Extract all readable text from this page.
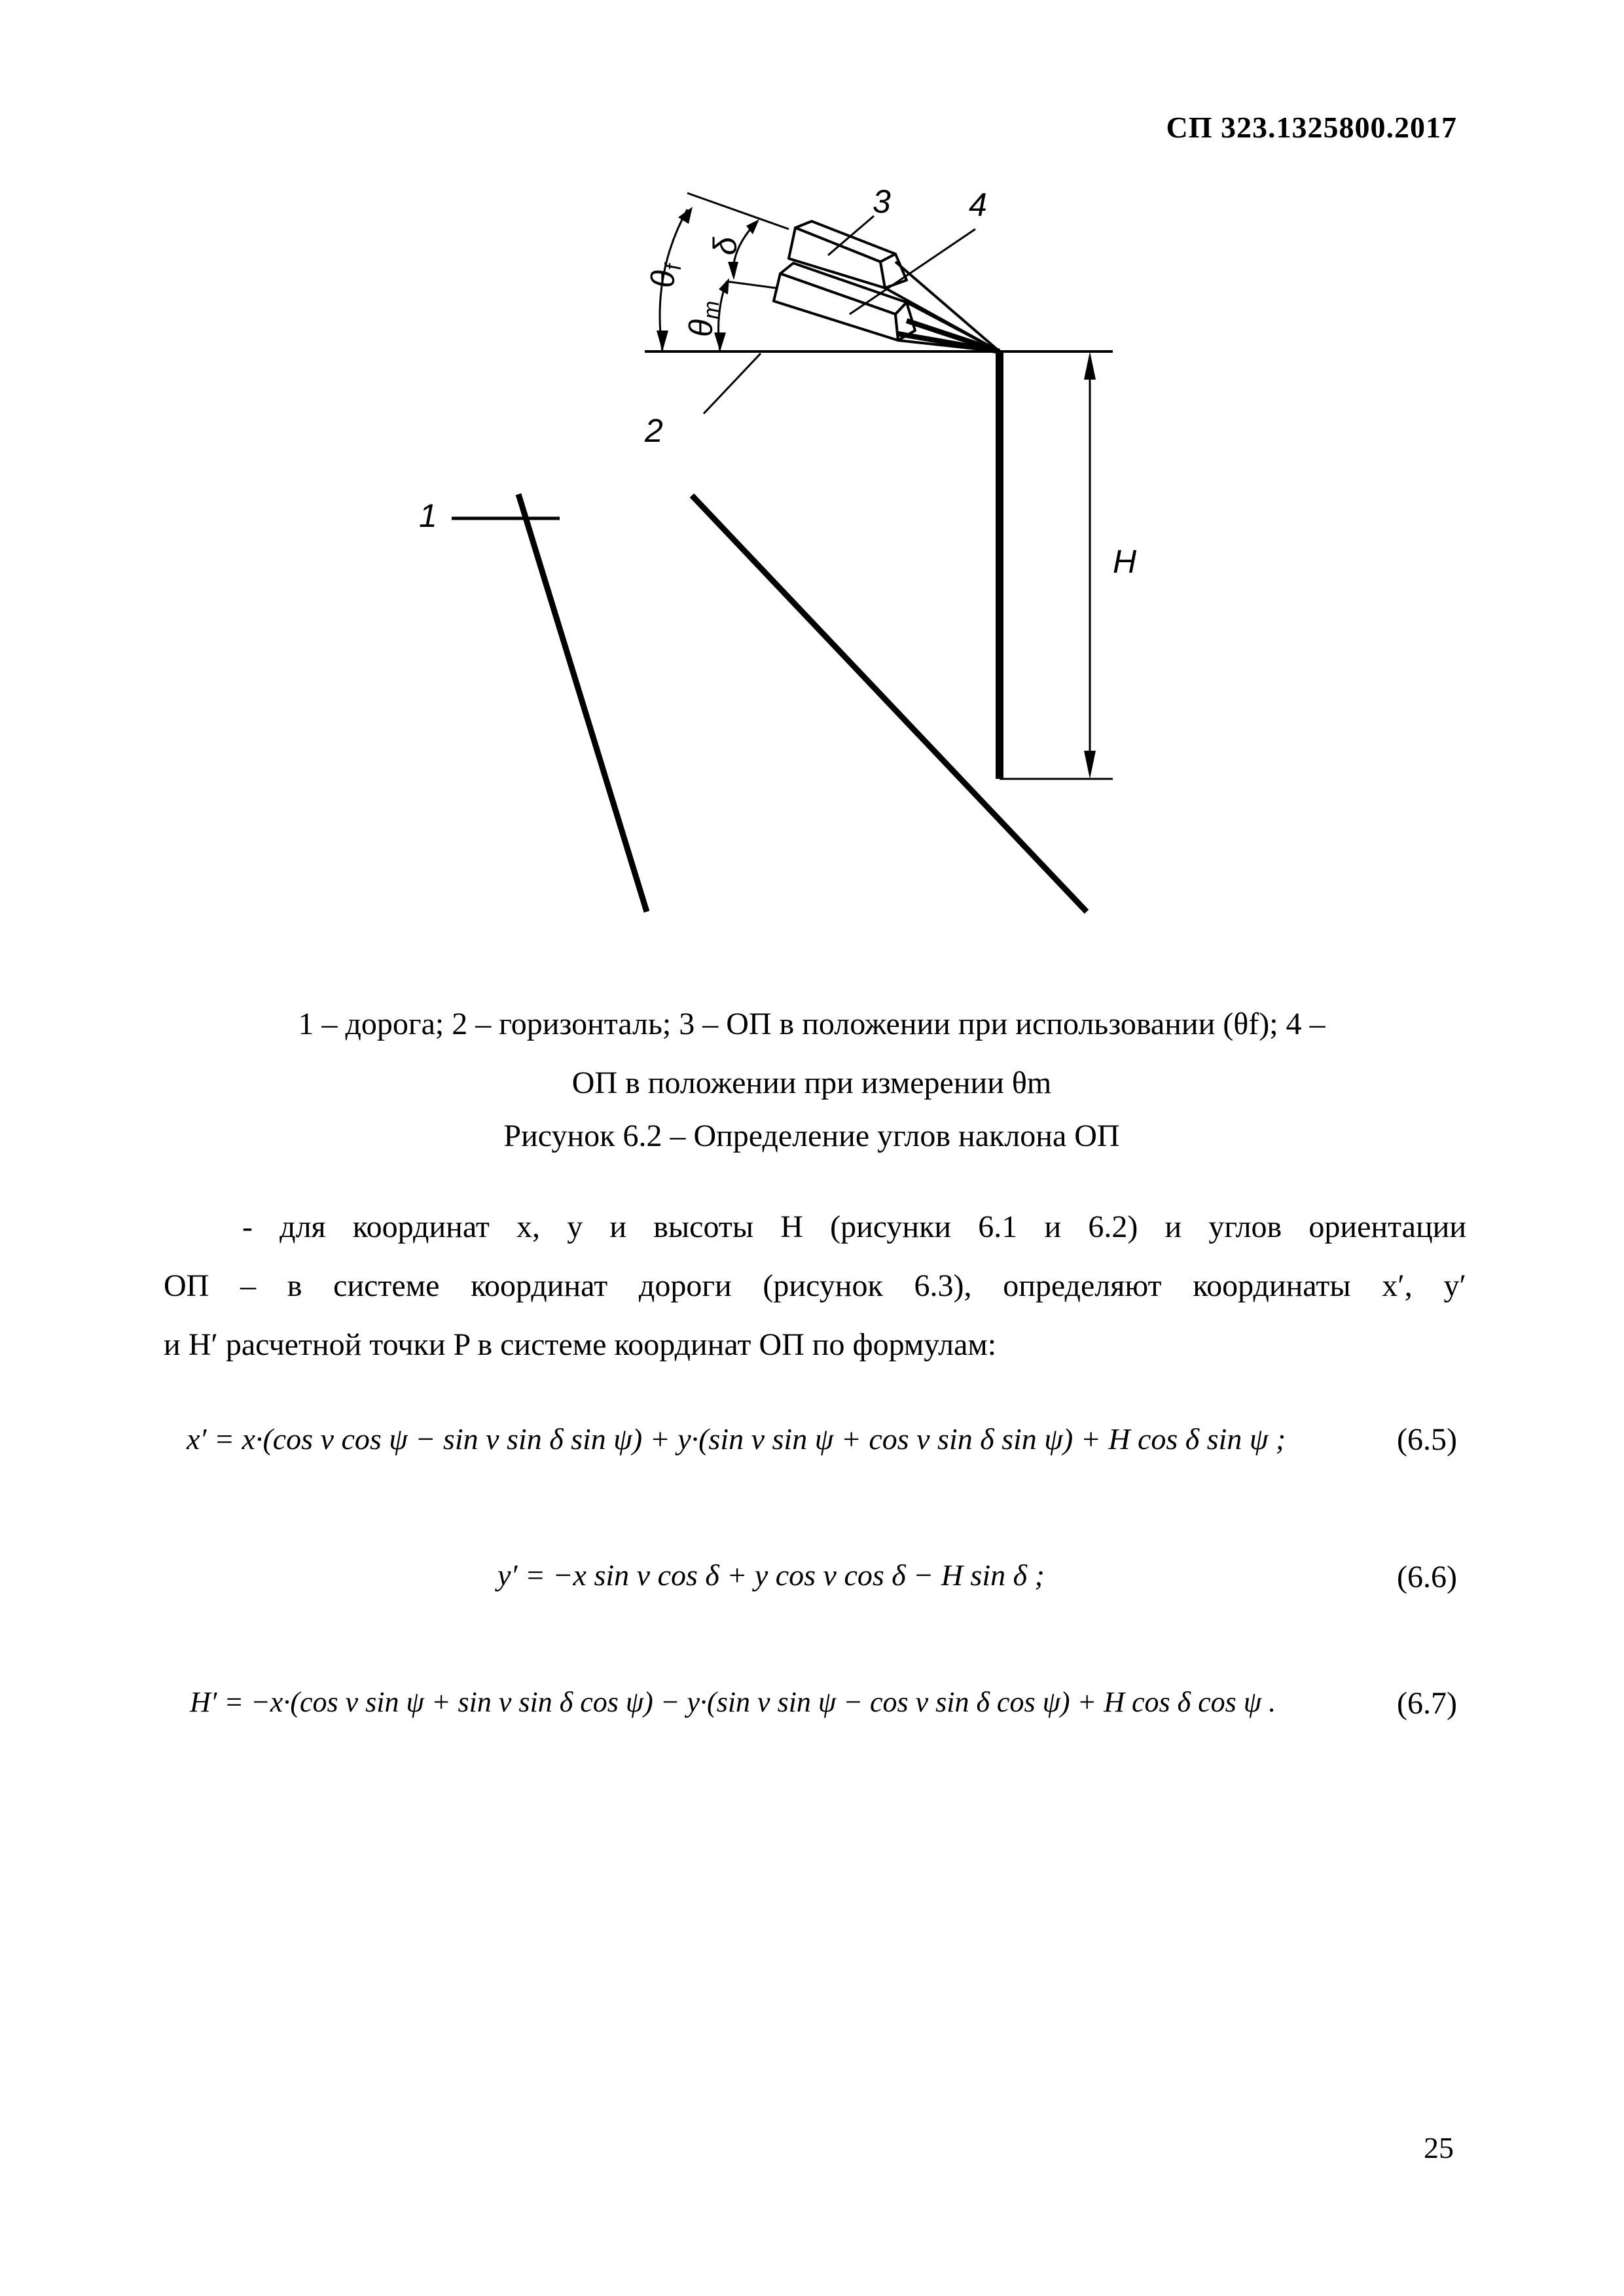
СП 323.1325800.2017
1
2
3 4
H
$\theta_f$
$\theta_m$
δ
1 – дорога; 2 – горизонталь; 3 – ОП в положении при использовании (θf); 4 –
ОП в положении при измерении θm
Рисунок 6.2 – Определение углов наклона ОП
- для координат x, y и высоты H (рисунки 6.1 и 6.2) и углов ориентации
ОП – в системе координат дороги (рисунок 6.3), определяют координаты x′, y′
и H′ расчетной точки P в системе координат ОП по формулам:
x′ = x·(cos ν cos ψ − sin ν sin δ sin ψ) + y·(sin ν sin ψ + cos ν sin δ sin ψ) + H cos δ sin ψ ;	(6.5)
y′ = −x sin ν cos δ + y cos ν cos δ − H sin δ ;	(6.6)
H′ = −x·(cos ν sin ψ + sin ν sin δ cos ψ) − y·(sin ν sin ψ − cos ν sin δ cos ψ) + H cos δ cos ψ .	(6.7)
25
